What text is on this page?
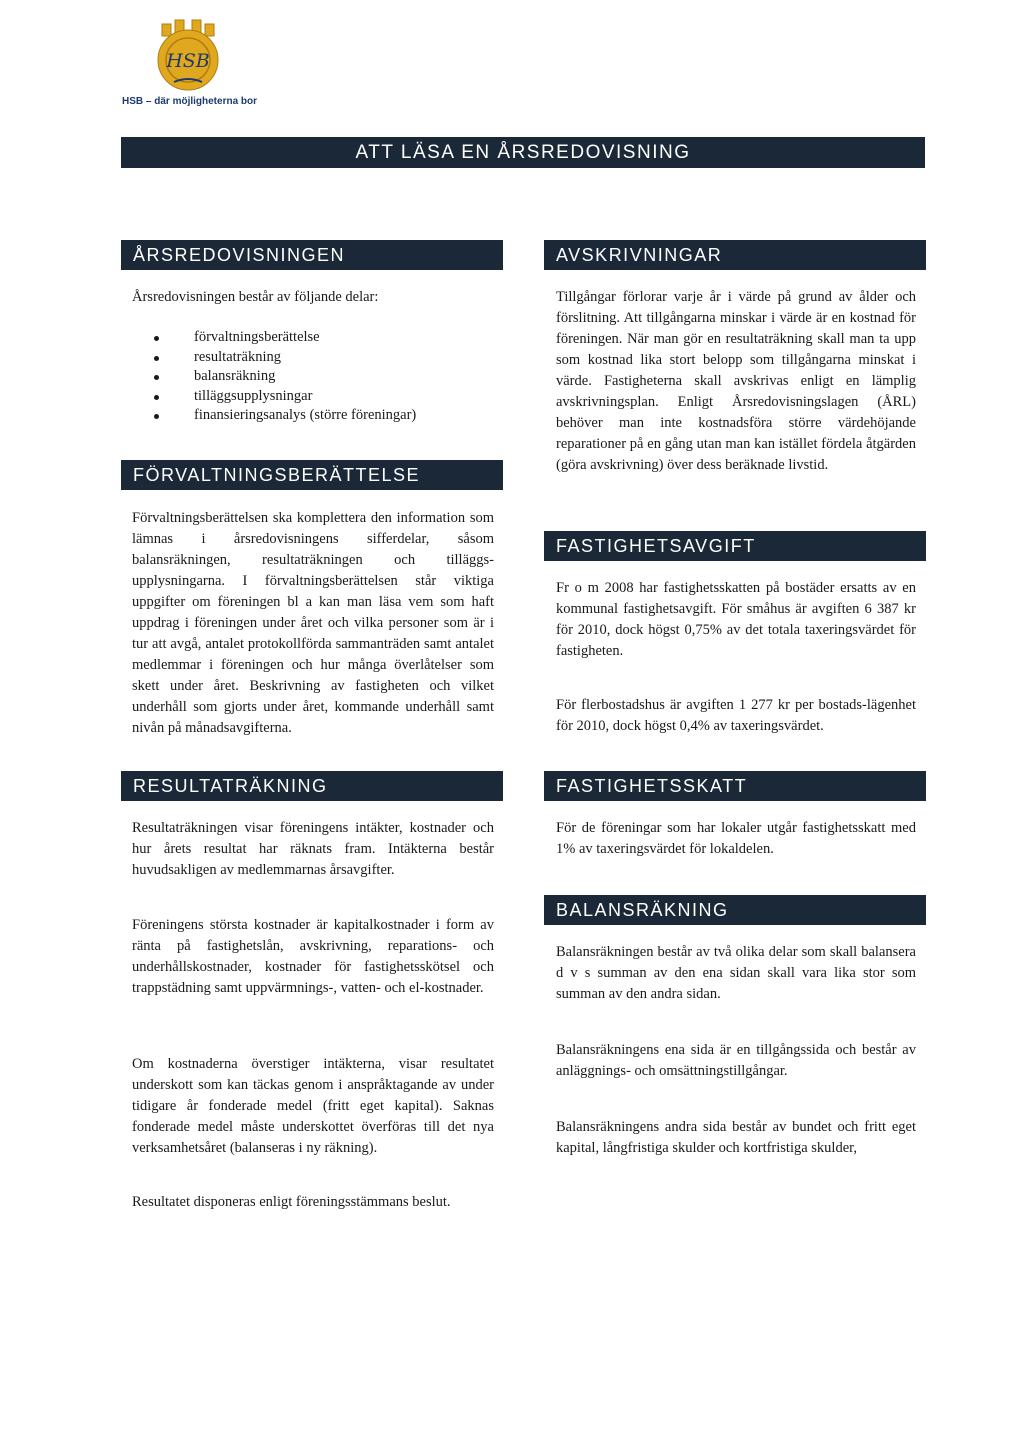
HSB
HSB – där möjligheterna bor
ATT LÄSA EN ÅRSREDOVISNING
ÅRSREDOVISNINGEN

Årsredovisningen består av följande delar:

förvaltningsberättelse
resultaträkning
balansräkning
tilläggsupplysningar
finansieringsanalys (större föreningar)
FÖRVALTNINGSBERÄTTELSE

Förvaltningsberättelsen ska komplettera den information som lämnas i årsredovisningens sifferdelar, såsom balansräkningen, resultaträkningen och tilläggs-upplysningarna. I förvaltningsberättelsen står viktiga uppgifter om föreningen bl a kan man läsa vem som haft uppdrag i föreningen under året och vilka personer som är i tur att avgå, antalet protokollförda sammanträden samt antalet medlemmar i föreningen och hur många överlåtelser som skett under året. Beskrivning av fastigheten och vilket underhåll som gjorts under året, kommande underhåll samt nivån på månadsavgifterna.

RESULTATRÄKNING

Resultaträkningen visar föreningens intäkter, kostnader och hur årets resultat har räknats fram. Intäkterna består huvudsakligen av medlemmarnas årsavgifter.

Föreningens största kostnader är kapitalkostnader i form av ränta på fastighetslån, avskrivning, reparations- och underhållskostnader, kostnader för fastighetsskötsel och trappstädning samt uppvärmnings-, vatten- och el-kostnader.

Om kostnaderna överstiger intäkterna, visar resultatet underskott som kan täckas genom i anspråktagande av under tidigare år fonderade medel (fritt eget kapital). Saknas fonderade medel måste underskottet överföras till det nya verksamhetsåret (balanseras i ny räkning).

Resultatet disponeras enligt föreningsstämmans beslut.

AVSKRIVNINGAR

Tillgångar förlorar varje år i värde på grund av ålder och förslitning. Att tillgångarna minskar i värde är en kostnad för föreningen. När man gör en resultaträkning skall man ta upp som kostnad lika stort belopp som tillgångarna minskat i värde. Fastigheterna skall avskrivas enligt en lämplig avskrivningsplan. Enligt Årsredovisningslagen (ÅRL) behöver man inte kostnadsföra större värdehöjande reparationer på en gång utan man kan istället fördela åtgärden (göra avskrivning) över dess beräknade livstid.

FASTIGHETSAVGIFT

Fr o m 2008 har fastighetsskatten på bostäder ersatts av en kommunal fastighetsavgift. För småhus är avgiften 6 387 kr för 2010, dock högst 0,75% av det totala taxeringsvärdet för fastigheten.

För flerbostadshus är avgiften 1 277 kr per bostads-lägenhet för 2010, dock högst 0,4% av taxeringsvärdet.

FASTIGHETSSKATT

För de föreningar som har lokaler utgår fastighetsskatt med 1% av taxeringsvärdet för lokaldelen.

BALANSRÄKNING

Balansräkningen består av två olika delar som skall balansera d v s summan av den ena sidan skall vara lika stor som summan av den andra sidan.

Balansräkningens ena sida är en tillgångssida och består av anläggnings- och omsättningstillgångar.

Balansräkningens andra sida består av bundet och fritt eget kapital, långfristiga skulder och kortfristiga skulder,
